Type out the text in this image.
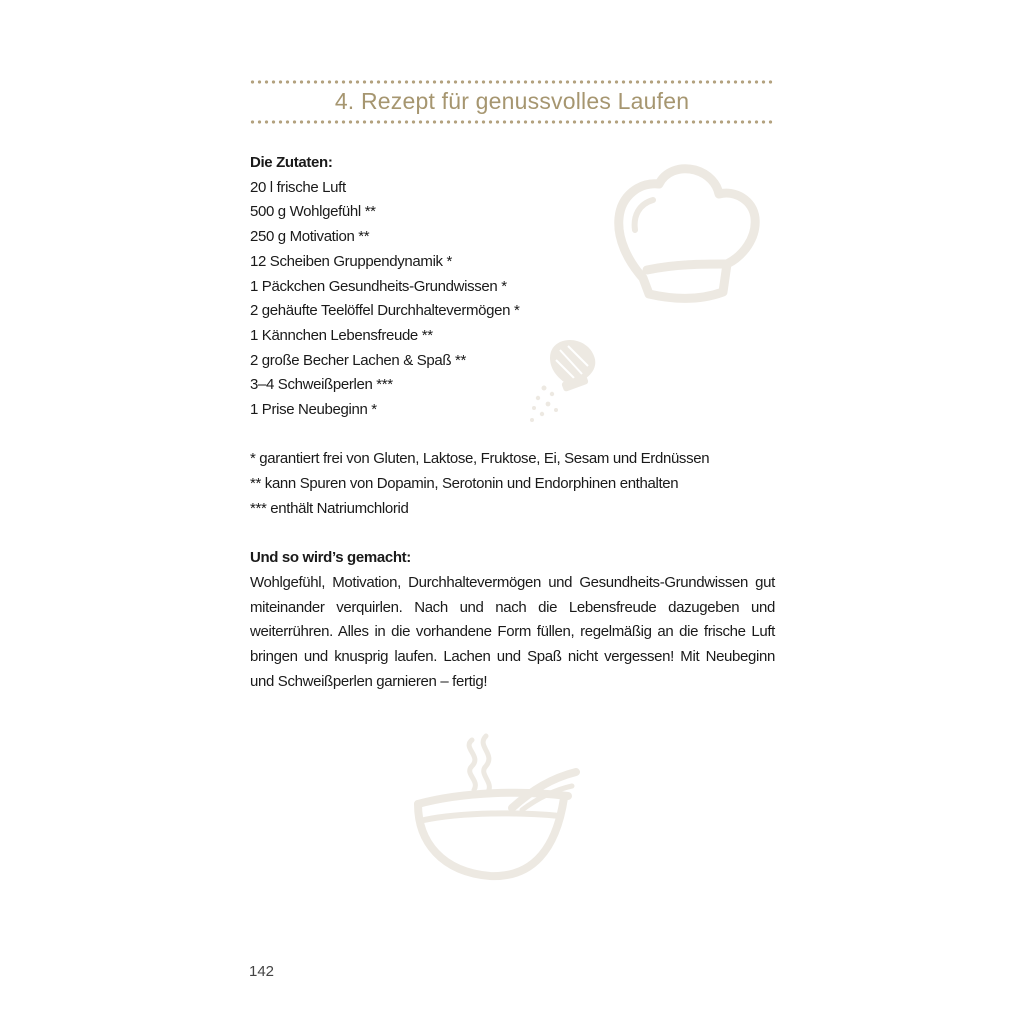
4. Rezept für genussvolles Laufen
Die Zutaten:
20 l frische Luft
500 g Wohlgefühl **
250 g Motivation **
12 Scheiben Gruppendynamik *
1 Päckchen Gesundheits-Grundwissen *
2 gehäufte Teelöffel Durchhaltevermögen *
1 Kännchen Lebensfreude **
2 große Becher Lachen & Spaß **
3–4 Schweißperlen ***
1 Prise Neubeginn *
* garantiert frei von Gluten, Laktose, Fruktose, Ei, Sesam und Erdnüssen
** kann Spuren von Dopamin, Serotonin und Endorphinen enthalten
*** enthält Natriumchlorid
Und so wird’s gemacht:
Wohlgefühl, Motivation, Durchhaltevermögen und Gesundheits-Grundwissen gut miteinander verquirlen. Nach und nach die Lebensfreude dazugeben und weiterrühren. Alles in die vorhandene Form füllen, regelmäßig an die frische Luft bringen und knusprig laufen. Lachen und Spaß nicht vergessen! Mit Neubeginn und Schweißperlen garnieren – fertig!
142
